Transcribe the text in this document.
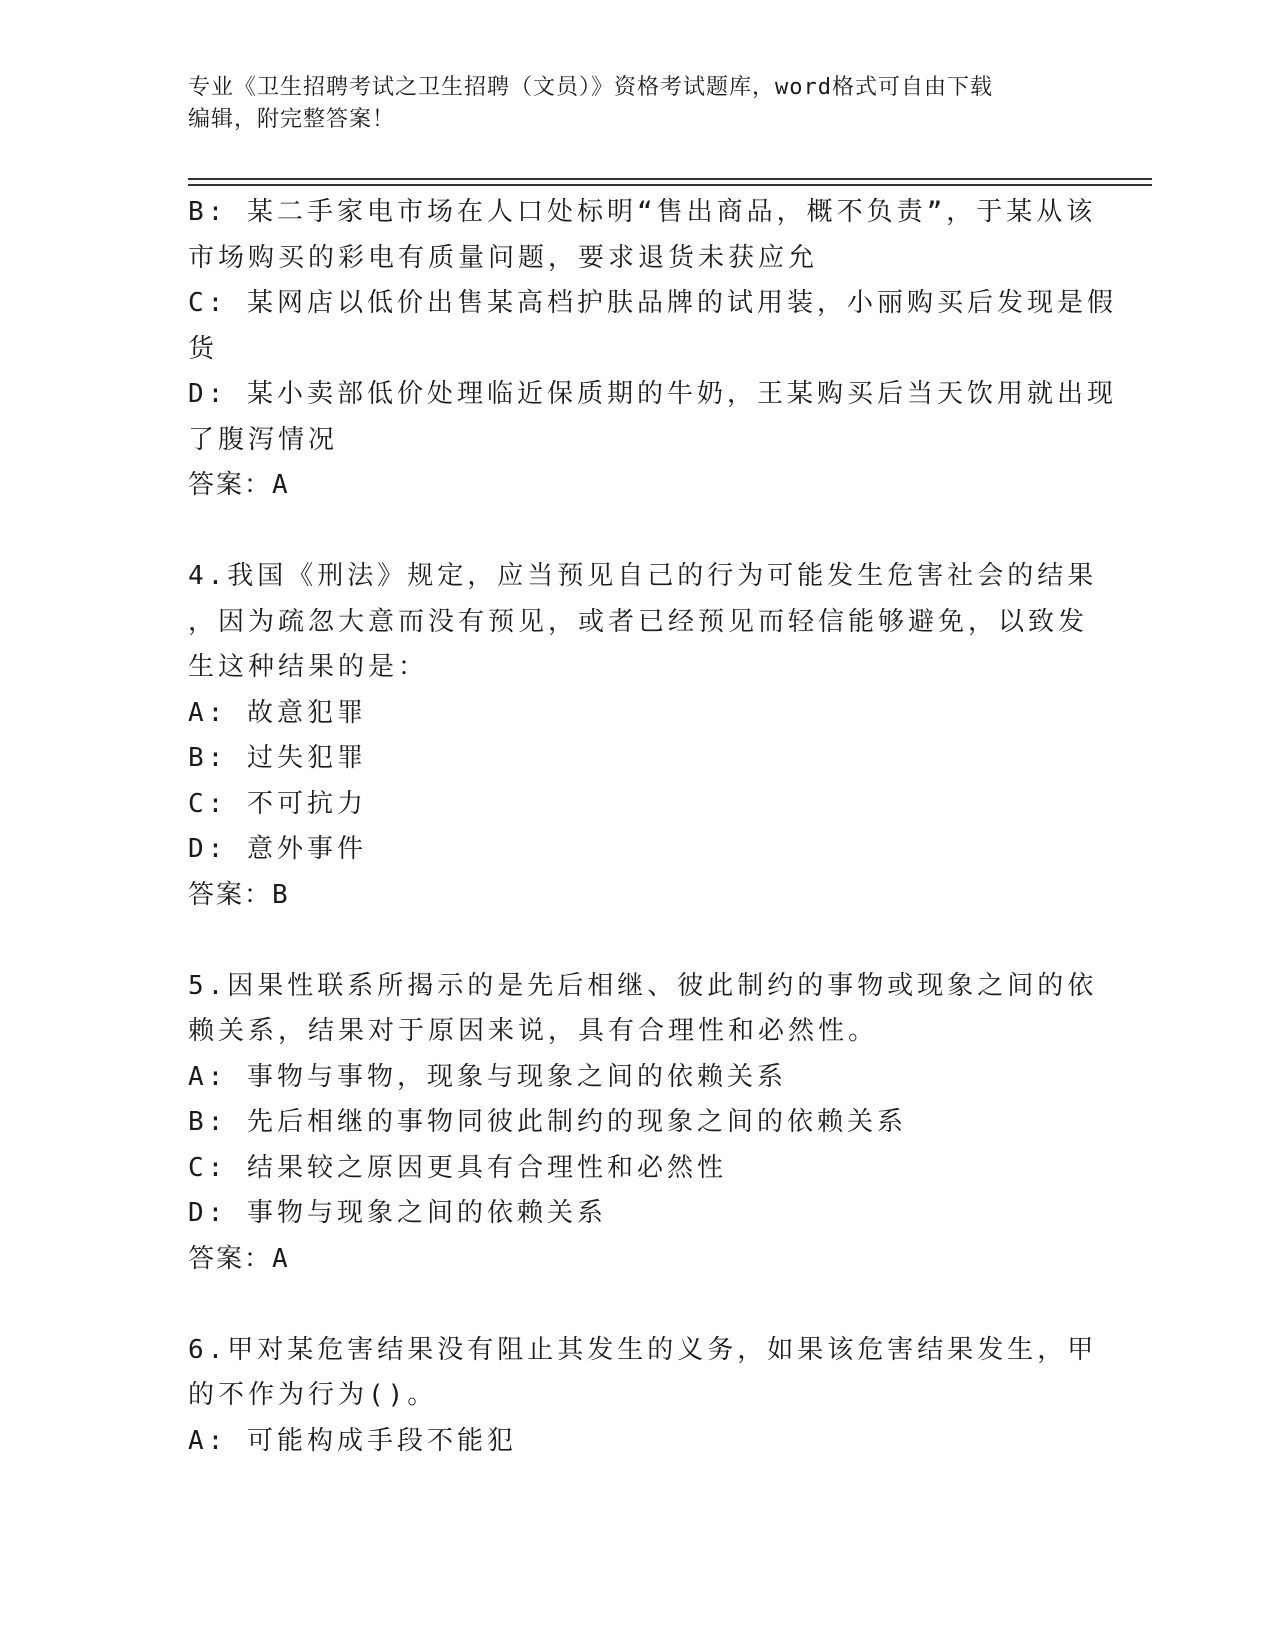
专业《卫生招聘考试之卫生招聘（文员）》资格考试题库，word格式可自由下载
编辑，附完整答案！
B: 某二手家电市场在人口处标明“售出商品，概不负责”，于某从该
市场购买的彩电有质量问题，要求退货未获应允
C: 某网店以低价出售某高档护肤品牌的试用装，小丽购买后发现是假
货
D: 某小卖部低价处理临近保质期的牛奶，王某购买后当天饮用就出现
了腹泻情况
答案：A
4.我国《刑法》规定，应当预见自己的行为可能发生危害社会的结果
，因为疏忽大意而没有预见，或者已经预见而轻信能够避免，以致发
生这种结果的是：
A: 故意犯罪
B: 过失犯罪
C: 不可抗力
D: 意外事件
答案：B
5.因果性联系所揭示的是先后相继、彼此制约的事物或现象之间的依
赖关系，结果对于原因来说，具有合理性和必然性。
A: 事物与事物，现象与现象之间的依赖关系
B: 先后相继的事物同彼此制约的现象之间的依赖关系
C: 结果较之原因更具有合理性和必然性
D: 事物与现象之间的依赖关系
答案：A
6.甲对某危害结果没有阻止其发生的义务，如果该危害结果发生，甲
的不作为行为()。
A: 可能构成手段不能犯
